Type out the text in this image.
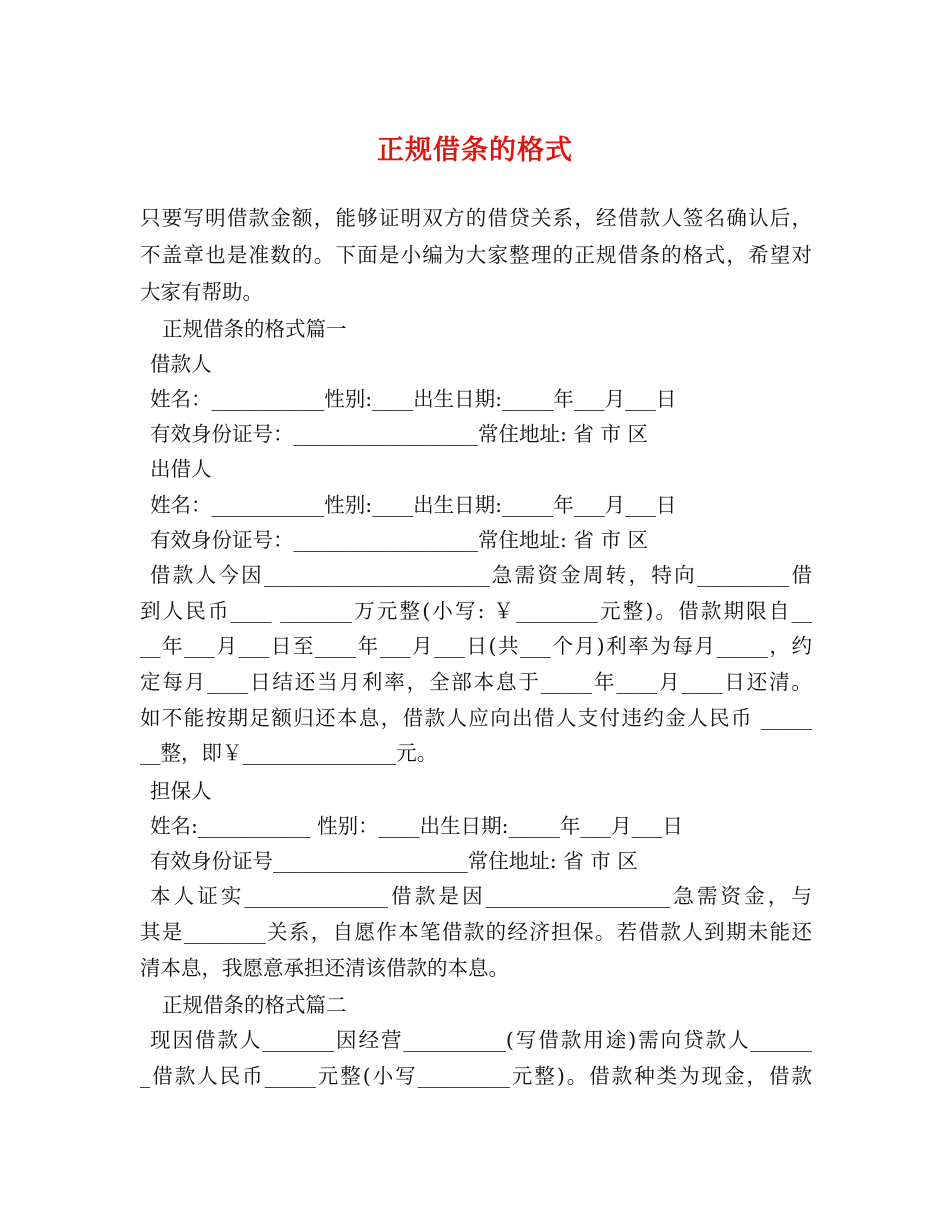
正规借条的格式
只要写明借款金额，能够证明双方的借贷关系，经借款人签名确认后，
不盖章也是准数的。下面是小编为大家整理的正规借条的格式，希望对
大家有帮助。
正规借条的格式篇一
借款人
姓名：___________性别:____出生日期:_____年___月___日
有效身份证号：__________________常住地址: 省 市 区
出借人
姓名：___________性别:____出生日期:_____年___月___日
有效身份证号：__________________常住地址: 省 市 区
借款人今因______________________急需资金周转，特向_________借
到人民币____ _______万元整(小写: ￥________元整)。借款期限自__
__年___月___日至____年___月___日(共___个月)利率为每月_____，约
定每月____日结还当月利率，全部本息于_____年____月____日还清。
如不能按期足额归还本息，借款人应向出借人支付违约金人民币 _____
__整，即￥_______________元。
担保人
姓名:___________ 性别：____出生日期:_____年___月___日
有效身份证号___________________常住地址: 省 市 区
本人证实______________借款是因__________________急需资金，与
其是________关系，自愿作本笔借款的经济担保。若借款人到期未能还
清本息，我愿意承担还清该借款的本息。
正规借条的格式篇二
现因借款人_______因经营__________(写借款用途)需向贷款人______
_借款人民币_____元整(小写_________元整)。借款种类为现金，借款
